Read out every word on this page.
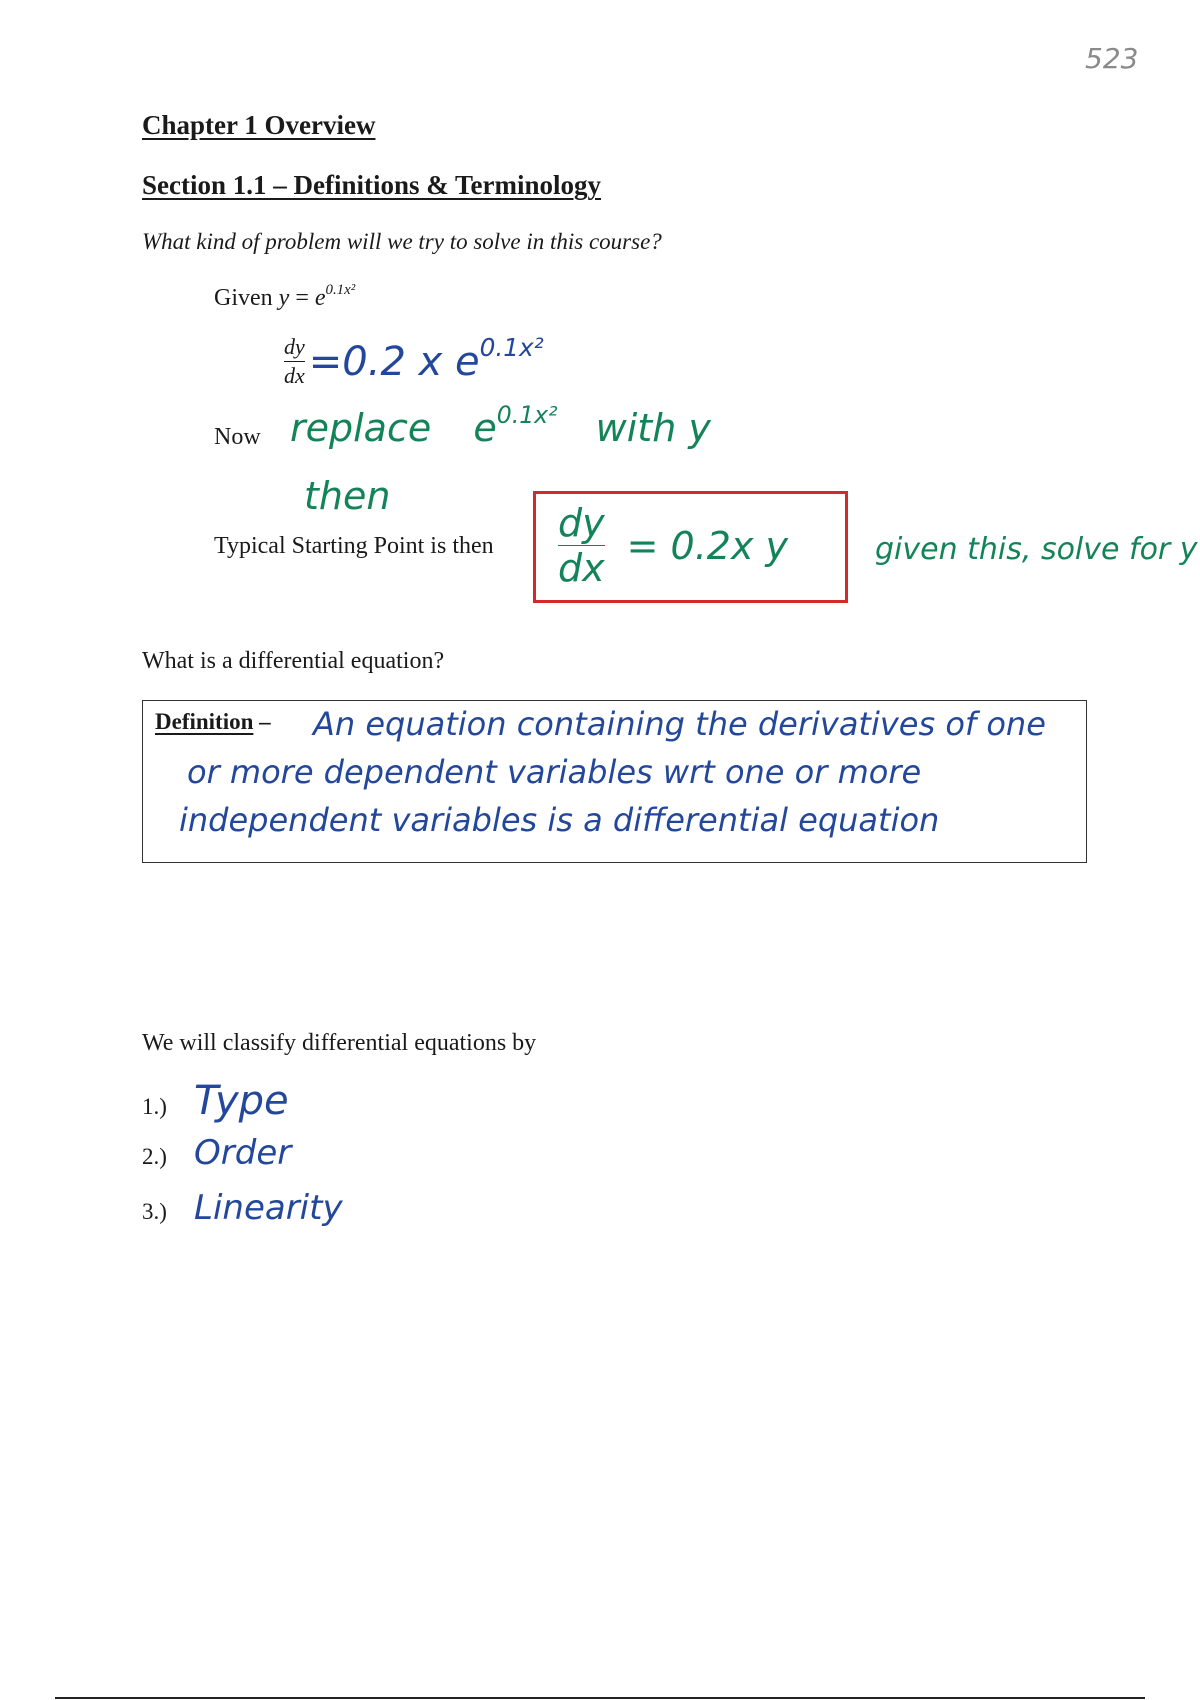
523
Chapter 1 Overview
Section 1.1 – Definitions & Terminology
What kind of problem will we try to solve in this course?
Given $y = e^{0.1x^2}$
$\frac{dy}{dx} =0.2$ x $e^{0.1x^2}$
Now replace $e^{0.1x^2}$ with y
then
Typical Starting Point is then $\frac{dy}{dx} = 0.2x$ y	given this, solve for y
What is a differential equation?
Definition – An equation containing the derivatives of one
or more dependent variables wrt one or more
independent variables is a differential equation
We will classify differential equations by
1.) Type
2.) Order
3.) Linearity
